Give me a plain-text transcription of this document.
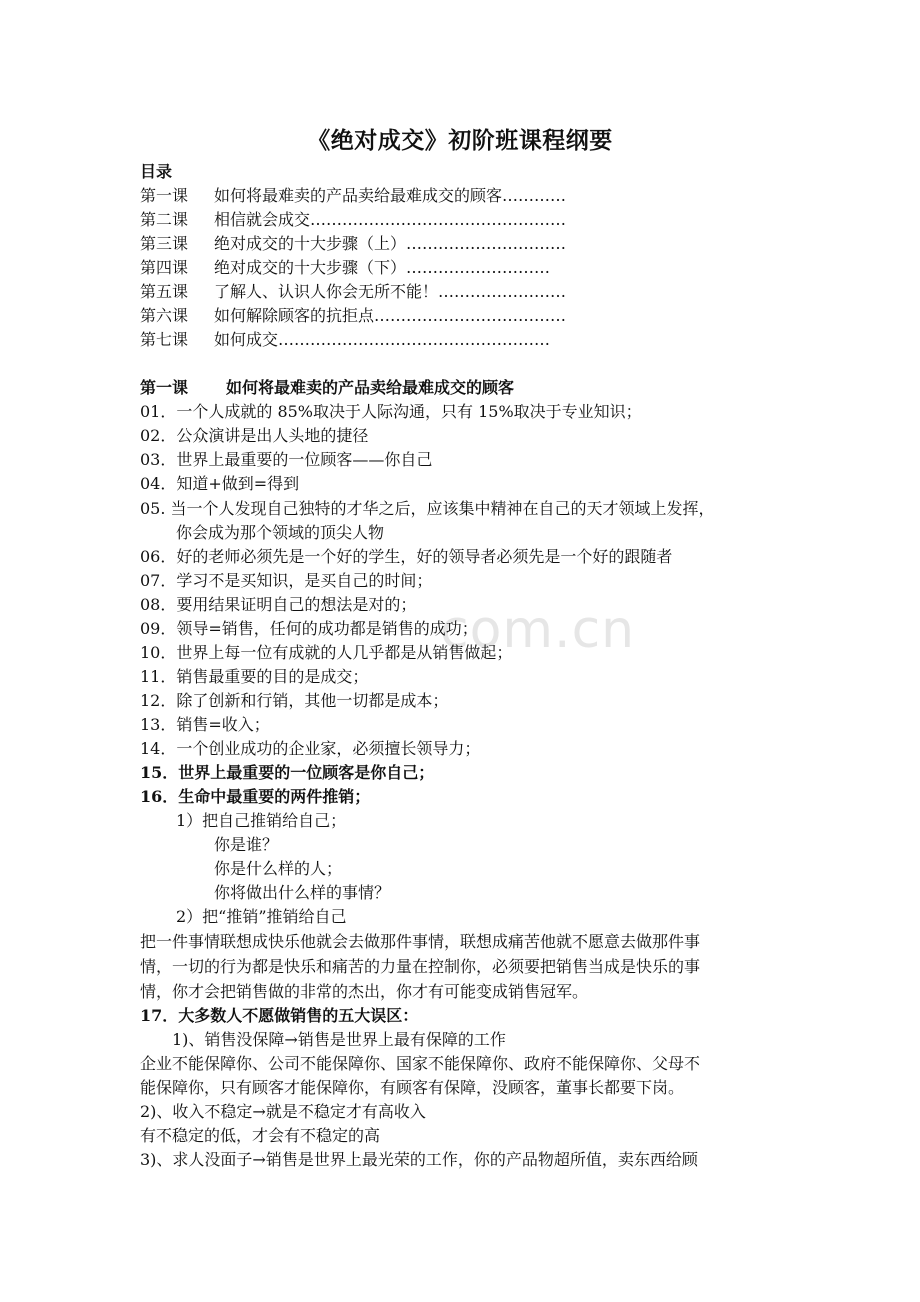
com.cn
《绝对成交》初阶班课程纲要
目录
第一课 如何将最难卖的产品卖给最难成交的顾客…………
第二课 相信就会成交…………………………………………
第三课 绝对成交的十大步骤（上）…………………………
第四课 绝对成交的十大步骤（下）………………………
第五课 了解人、认识人你会无所不能！……………………
第六课 如何解除顾客的抗拒点………………………………
第七课 如何成交……………………………………………
第一课 如何将最难卖的产品卖给最难成交的顾客
01．一个人成就的 85%取决于人际沟通，只有 15%取决于专业知识；
02．公众演讲是出人头地的捷径
03．世界上最重要的一位顾客——你自己
04．知道+做到=得到
05. 当一个人发现自己独特的才华之后，应该集中精神在自己的天才领域上发挥，
你会成为那个领域的顶尖人物
06．好的老师必须先是一个好的学生，好的领导者必须先是一个好的跟随者
07．学习不是买知识，是买自己的时间；
08．要用结果证明自己的想法是对的；
09．领导=销售，任何的成功都是销售的成功；
10．世界上每一位有成就的人几乎都是从销售做起；
11．销售最重要的目的是成交；
12．除了创新和行销，其他一切都是成本；
13．销售=收入；
14．一个创业成功的企业家，必须擅长领导力；
15．世界上最重要的一位顾客是你自己；
16．生命中最重要的两件推销；
1）把自己推销给自己；
你是谁？
你是什么样的人；
你将做出什么样的事情？
2）把“推销”推销给自己
把一件事情联想成快乐他就会去做那件事情，联想成痛苦他就不愿意去做那件事
情，一切的行为都是快乐和痛苦的力量在控制你，必须要把销售当成是快乐的事
情，你才会把销售做的非常的杰出，你才有可能变成销售冠军。
17．大多数人不愿做销售的五大误区：
1)、销售没保障→销售是世界上最有保障的工作
企业不能保障你、公司不能保障你、国家不能保障你、政府不能保障你、父母不
能保障你，只有顾客才能保障你，有顾客有保障，没顾客，董事长都要下岗。
2)、收入不稳定→就是不稳定才有高收入
有不稳定的低，才会有不稳定的高
3)、求人没面子→销售是世界上最光荣的工作，你的产品物超所值，卖东西给顾
